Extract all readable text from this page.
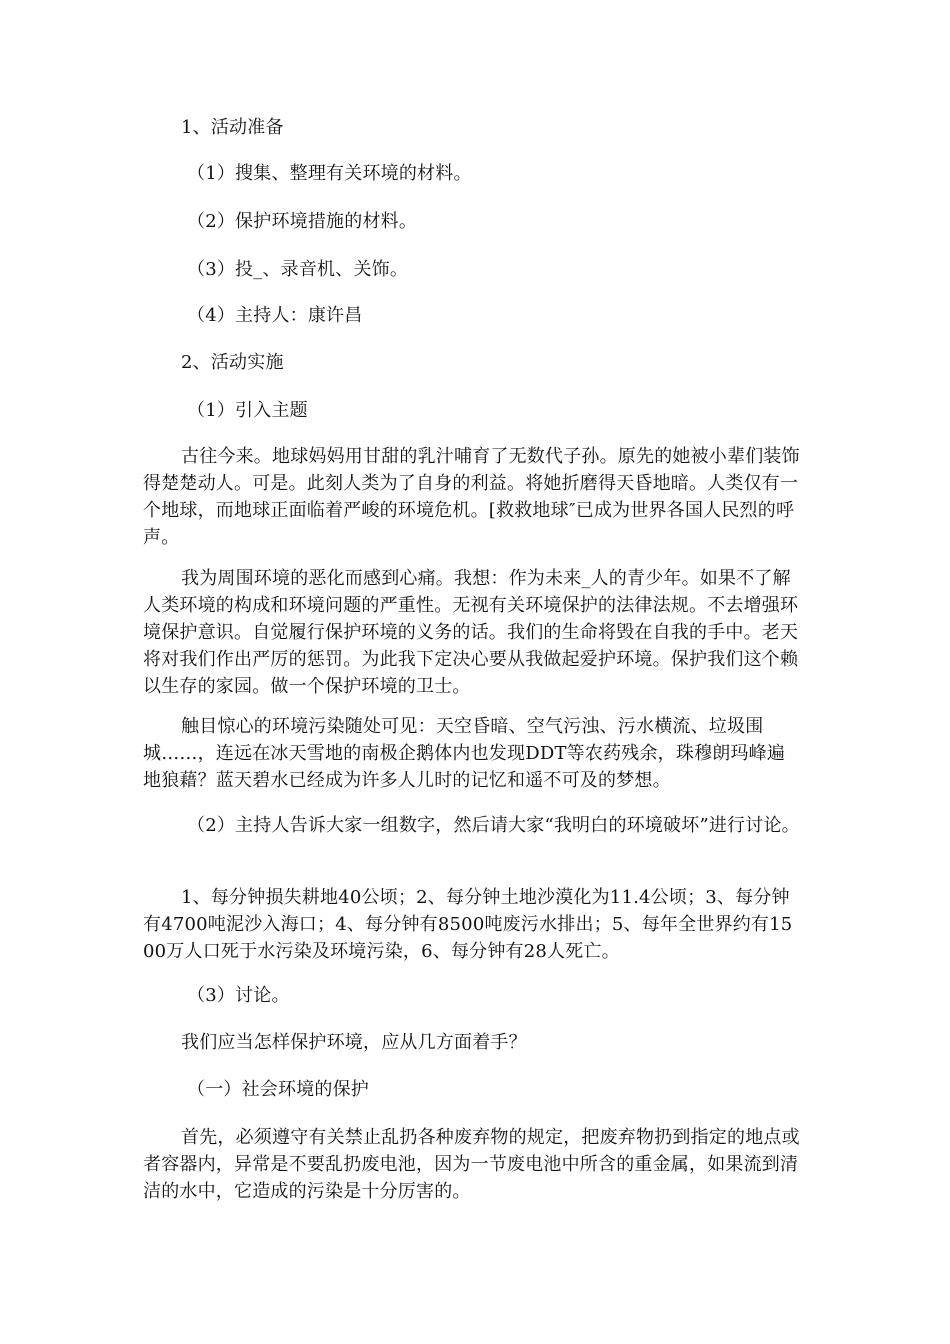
1、活动准备
（1）搜集、整理有关环境的材料。
（2）保护环境措施的材料。
（3）投_、录音机、关饰。
（4）主持人：康许昌
2、活动实施
（1）引入主题
古往今来。地球妈妈用甘甜的乳汁哺育了无数代子孙。原先的她被小辈们装饰得楚楚动人。可是。此刻人类为了自身的利益。将她折磨得天昏地暗。人类仅有一个地球，而地球正面临着严峻的环境危机。[救救地球″已成为世界各国人民烈的呼声。
我为周围环境的恶化而感到心痛。我想：作为未来_人的青少年。如果不了解人类环境的构成和环境问题的严重性。无视有关环境保护的法律法规。不去增强环境保护意识。自觉履行保护环境的义务的话。我们的生命将毁在自我的手中。老天将对我们作出严厉的惩罚。为此我下定决心要从我做起爱护环境。保护我们这个赖以生存的家园。做一个保护环境的卫士。
触目惊心的环境污染随处可见：天空昏暗、空气污浊、污水横流、垃圾围城……，连远在冰天雪地的南极企鹅体内也发现DDT等农药残余，珠穆朗玛峰遍地狼藉？蓝天碧水已经成为许多人儿时的记忆和遥不可及的梦想。
（2）主持人告诉大家一组数字，然后请大家“我明白的环境破坏”进行讨论。
1、每分钟损失耕地40公顷；2、每分钟土地沙漠化为11.4公顷；3、每分钟有4700吨泥沙入海口；4、每分钟有8500吨废污水排出；5、每年全世界约有1500万人口死于水污染及环境污染，6、每分钟有28人死亡。
（3）讨论。
我们应当怎样保护环境，应从几方面着手？
（一）社会环境的保护
首先，必须遵守有关禁止乱扔各种废弃物的规定，把废弃物扔到指定的地点或者容器内，异常是不要乱扔废电池，因为一节废电池中所含的重金属，如果流到清洁的水中，它造成的污染是十分厉害的。
